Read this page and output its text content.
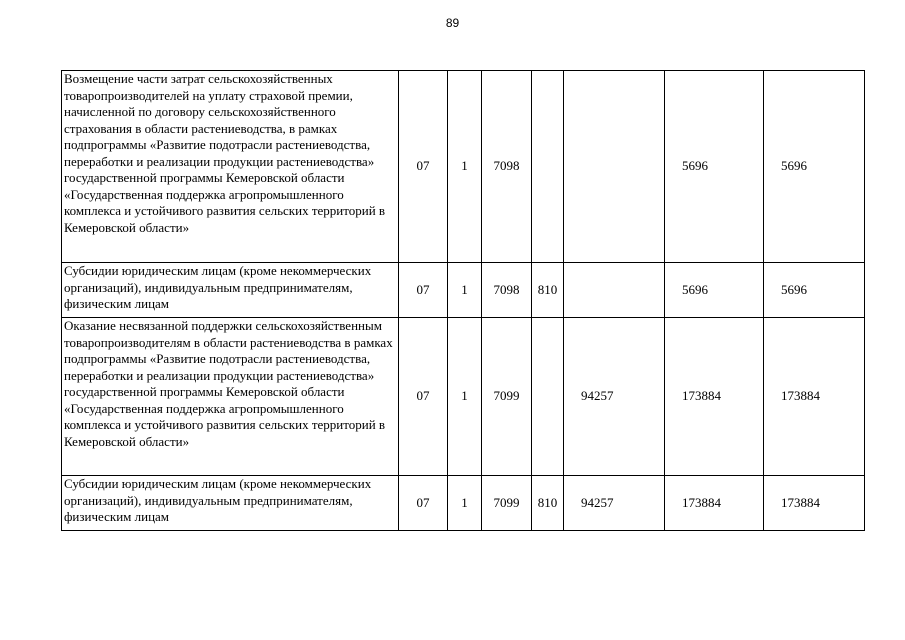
89
Возмещение части затрат сельскохозяйственных товаропроизводителей на уплату страховой премии, начисленной по договору сельскохозяйственного страхования в области растениеводства, в рамках подпрограммы «Развитие подотрасли растениеводства, переработки и реализации продукции растениеводства» государственной программы Кемеровской области «Государственная поддержка агропромышленного комплекса и устойчивого развития сельских территорий в Кемеровской области»	07	1	7098			5696	5696
Субсидии юридическим лицам (кроме некоммерческих организаций), индивидуальным предпринимателям, физическим лицам	07	1	7098	810		5696	5696
Оказание несвязанной поддержки сельскохозяйственным товаропроизводителям в области растениеводства в рамках подпрограммы «Развитие подотрасли растениеводства, переработки и реализации продукции растениеводства» государственной программы Кемеровской области «Государственная поддержка агропромышленного комплекса и устойчивого развития сельских территорий в Кемеровской области»	07	1	7099		94257	173884	173884
Субсидии юридическим лицам (кроме некоммерческих организаций), индивидуальным предпринимателям, физическим лицам	07	1	7099	810	94257	173884	173884
